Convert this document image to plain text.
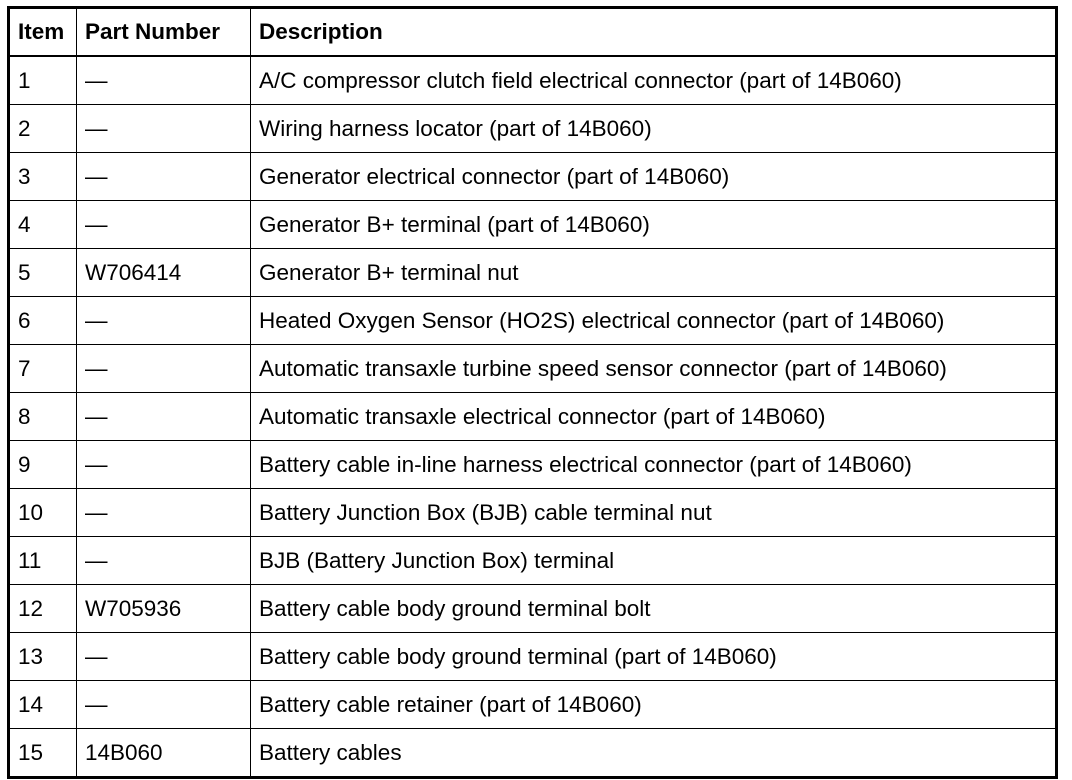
Item	Part Number	Description
1	—	A/C compressor clutch field electrical connector (part of 14B060)
2	—	Wiring harness locator (part of 14B060)
3	—	Generator electrical connector (part of 14B060)
4	—	Generator B+ terminal (part of 14B060)
5	W706414	Generator B+ terminal nut
6	—	Heated Oxygen Sensor (HO2S) electrical connector (part of 14B060)
7	—	Automatic transaxle turbine speed sensor connector (part of 14B060)
8	—	Automatic transaxle electrical connector (part of 14B060)
9	—	Battery cable in-line harness electrical connector (part of 14B060)
10	—	Battery Junction Box (BJB) cable terminal nut
11	—	BJB (Battery Junction Box) terminal
12	W705936	Battery cable body ground terminal bolt
13	—	Battery cable body ground terminal (part of 14B060)
14	—	Battery cable retainer (part of 14B060)
15	14B060	Battery cables
